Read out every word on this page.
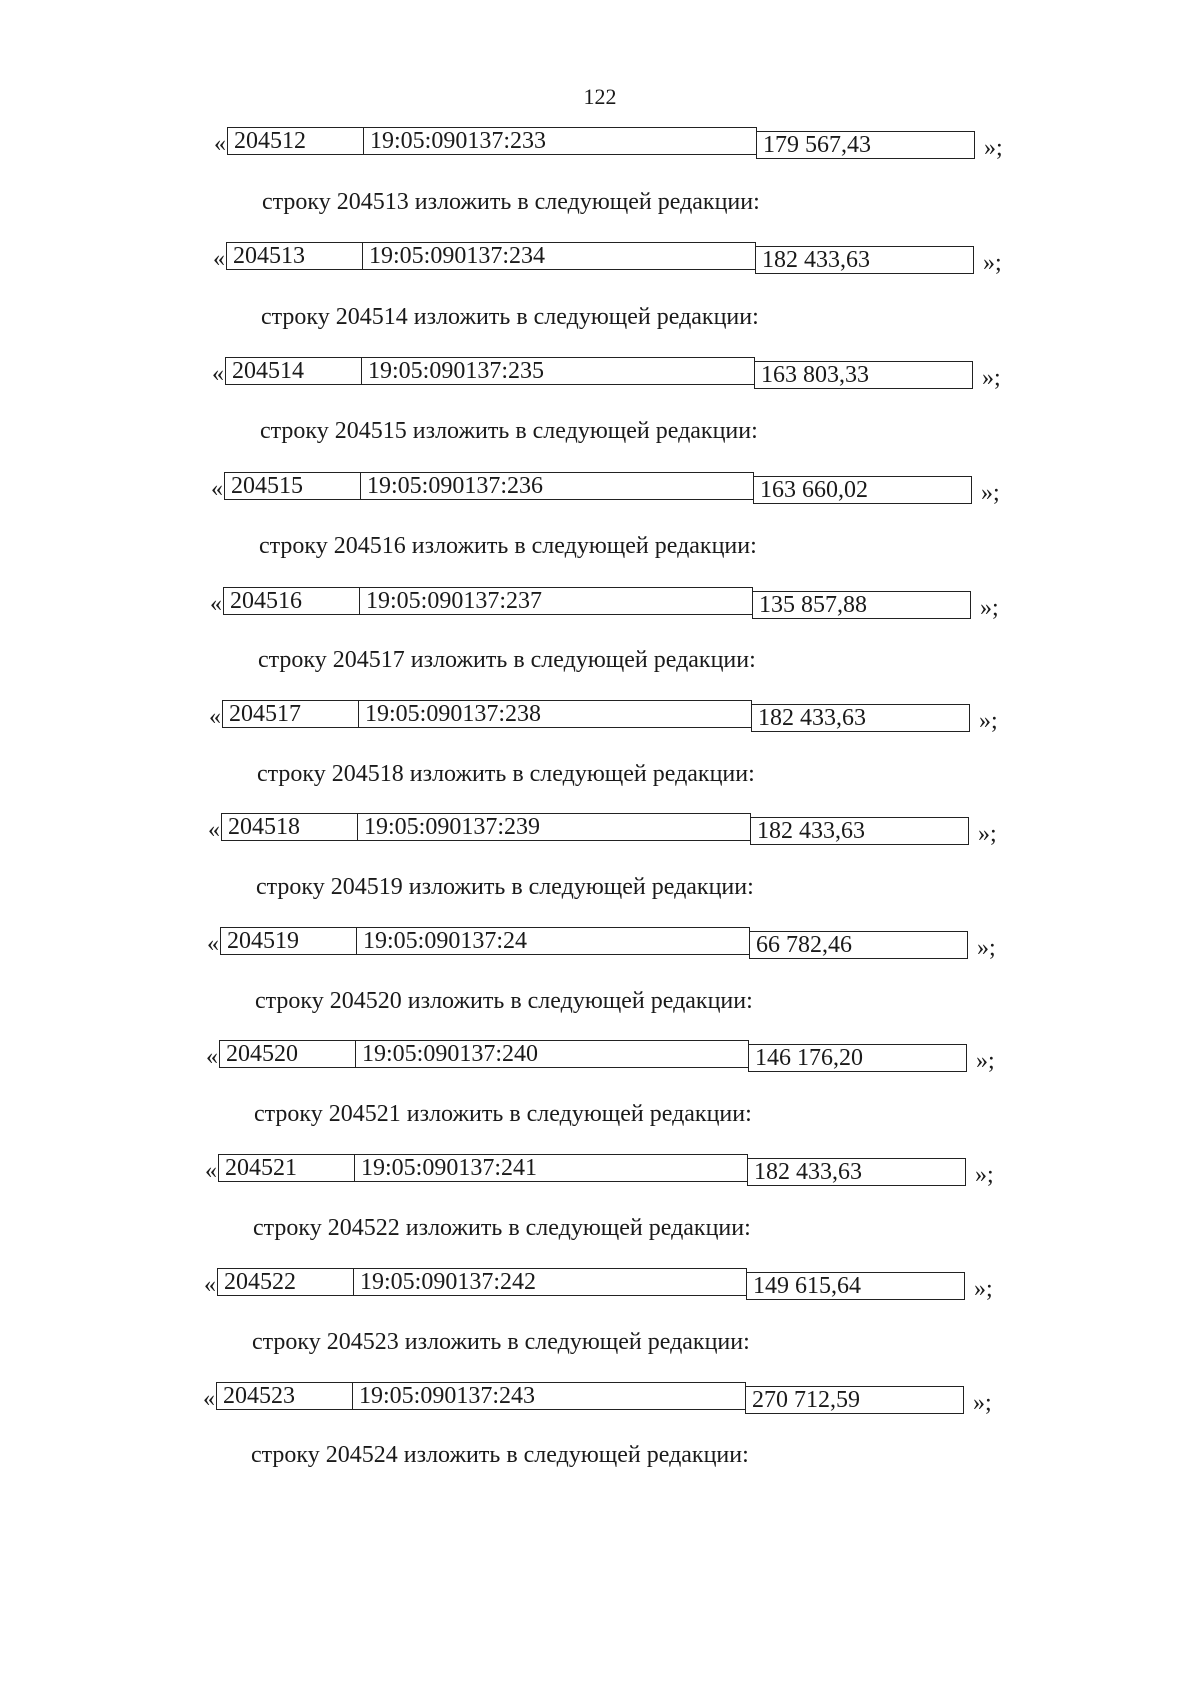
122
« 204512	19:05:090137:233	179 567,43	»;
строку 204513 изложить в следующей редакции:
« 204513	19:05:090137:234	182 433,63	»;
строку 204514 изложить в следующей редакции:
« 204514	19:05:090137:235	163 803,33	»;
строку 204515 изложить в следующей редакции:
« 204515	19:05:090137:236	163 660,02	»;
строку 204516 изложить в следующей редакции:
« 204516	19:05:090137:237	135 857,88	»;
строку 204517 изложить в следующей редакции:
« 204517	19:05:090137:238	182 433,63	»;
строку 204518 изложить в следующей редакции:
« 204518	19:05:090137:239	182 433,63	»;
строку 204519 изложить в следующей редакции:
« 204519	19:05:090137:24	66 782,46	»;
строку 204520 изложить в следующей редакции:
« 204520	19:05:090137:240	146 176,20	»;
строку 204521 изложить в следующей редакции:
« 204521	19:05:090137:241	182 433,63	»;
строку 204522 изложить в следующей редакции:
« 204522	19:05:090137:242	149 615,64	»;
строку 204523 изложить в следующей редакции:
« 204523	19:05:090137:243	270 712,59	»;
строку 204524 изложить в следующей редакции:
